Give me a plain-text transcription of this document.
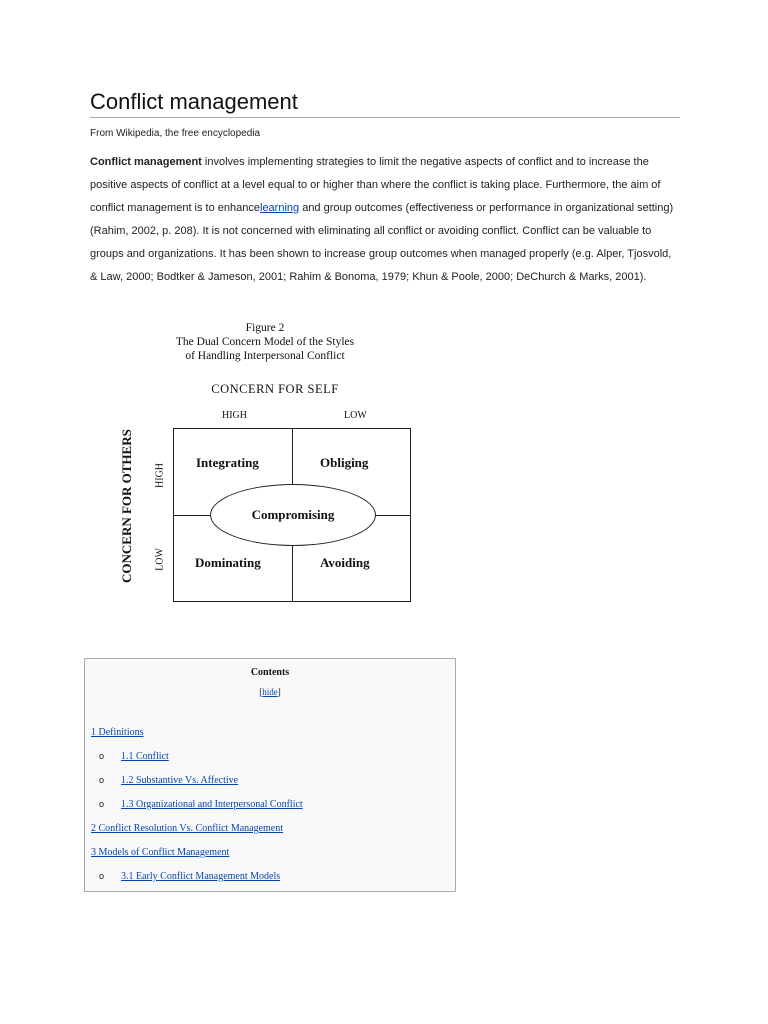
Conflict management

From Wikipedia, the free encyclopedia

Conflict management involves implementing strategies to limit the negative aspects of conflict and to increase the positive aspects of conflict at a level equal to or higher than where the conflict is taking place. Furthermore, the aim of conflict management is to enhancelearning and group outcomes (effectiveness or performance in organizational setting) (Rahim, 2002, p. 208). It is not concerned with eliminating all conflict or avoiding conflict. Conflict can be valuable to groups and organizations. It has been shown to increase group outcomes when managed properly (e.g. Alper, Tjosvold, & Law, 2000; Bodtker & Jameson, 2001; Rahim & Bonoma, 1979; Khun & Poole, 2000; DeChurch & Marks, 2001).

Figure 2
The Dual Concern Model of the Styles
of Handling Interpersonal Conflict
CONCERN FOR SELF
HIGH	LOW
CONCERN FOR OTHERS HIGH
LOW
Integrating	Obliging
Dominating	Avoiding
Compromising
Contents
[hide]
1 Definitions
o 1.1 Conflict
o 1.2 Substantive Vs. Affective
o 1.3 Organizational and Interpersonal Conflict
2 Conflict Resolution Vs. Conflict Management
3 Models of Conflict Management
o 3.1 Early Conflict Management Models
